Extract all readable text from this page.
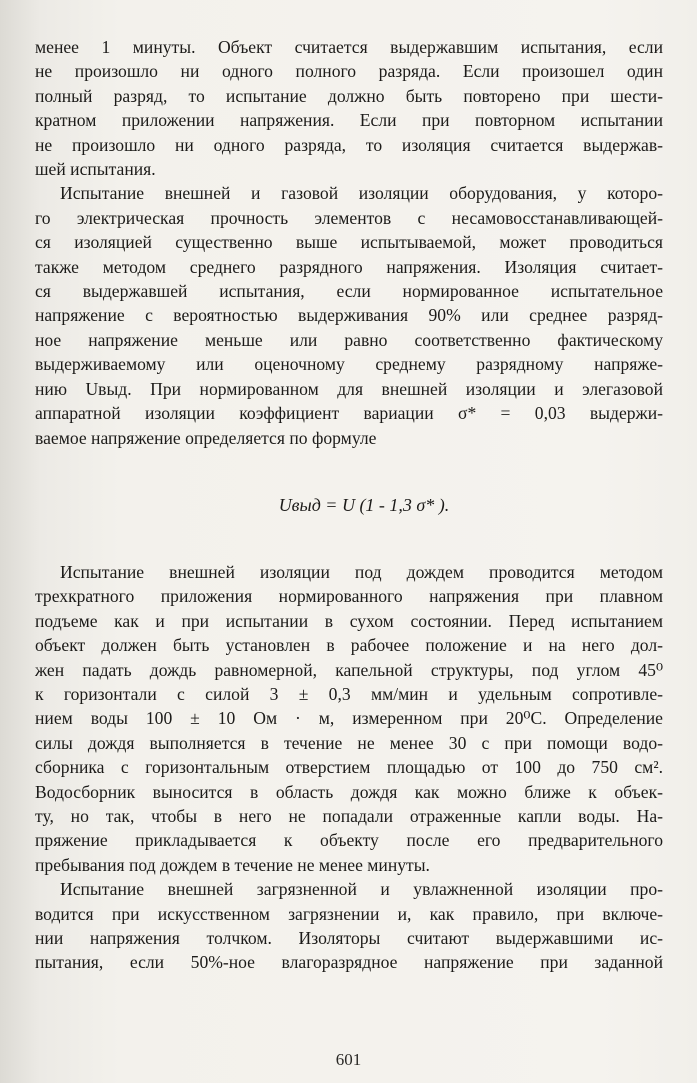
менее 1 минуты. Объект считается выдержавшим испытания, если
не произошло ни одного полного разряда. Если произошел один
полный разряд, то испытание должно быть повторено при шести-
кратном приложении напряжения. Если при повторном испытании
не произошло ни одного разряда, то изоляция считается выдержав-
шей испытания.

Испытание внешней и газовой изоляции оборудования, у которо-
го электрическая прочность элементов с несамовосстанавливающей-
ся изоляцией существенно выше испытываемой, может проводиться
также методом среднего разрядного напряжения. Изоляция считает-
ся выдержавшей испытания, если нормированное испытательное
напряжение с вероятностью выдерживания 90% или среднее разряд-
ное напряжение меньше или равно соответственно фактическому
выдерживаемому или оценочному среднему разрядному напряже-
нию Uвыд. При нормированном для внешней изоляции и элегазовой
аппаратной изоляции коэффициент вариации σ* = 0,03 выдержи-
ваемое напряжение определяется по формуле

Uвыд = U (1 - 1,3 σ* ).

Испытание внешней изоляции под дождем проводится методом
трехкратного приложения нормированного напряжения при плавном
подъеме как и при испытании в сухом состоянии. Перед испытанием
объект должен быть установлен в рабочее положение и на него дол-
жен падать дождь равномерной, капельной структуры, под углом 45⁰
к горизонтали с силой 3 ± 0,3 мм/мин и удельным сопротивле-
нием воды 100 ± 10 Ом · м, измеренном при 20⁰С. Определение
силы дождя выполняется в течение не менее 30 с при помощи водо-
сборника с горизонтальным отверстием площадью от 100 до 750 см².
Водосборник выносится в область дождя как можно ближе к объек-
ту, но так, чтобы в него не попадали отраженные капли воды. На-
пряжение прикладывается к объекту после его предварительного
пребывания под дождем в течение не менее минуты.

Испытание внешней загрязненной и увлажненной изоляции про-
водится при искусственном загрязнении и, как правило, при включе-
нии напряжения толчком. Изоляторы считают выдержавшими ис-
пытания, если 50%-ное влагоразрядное напряжение при заданной

601
